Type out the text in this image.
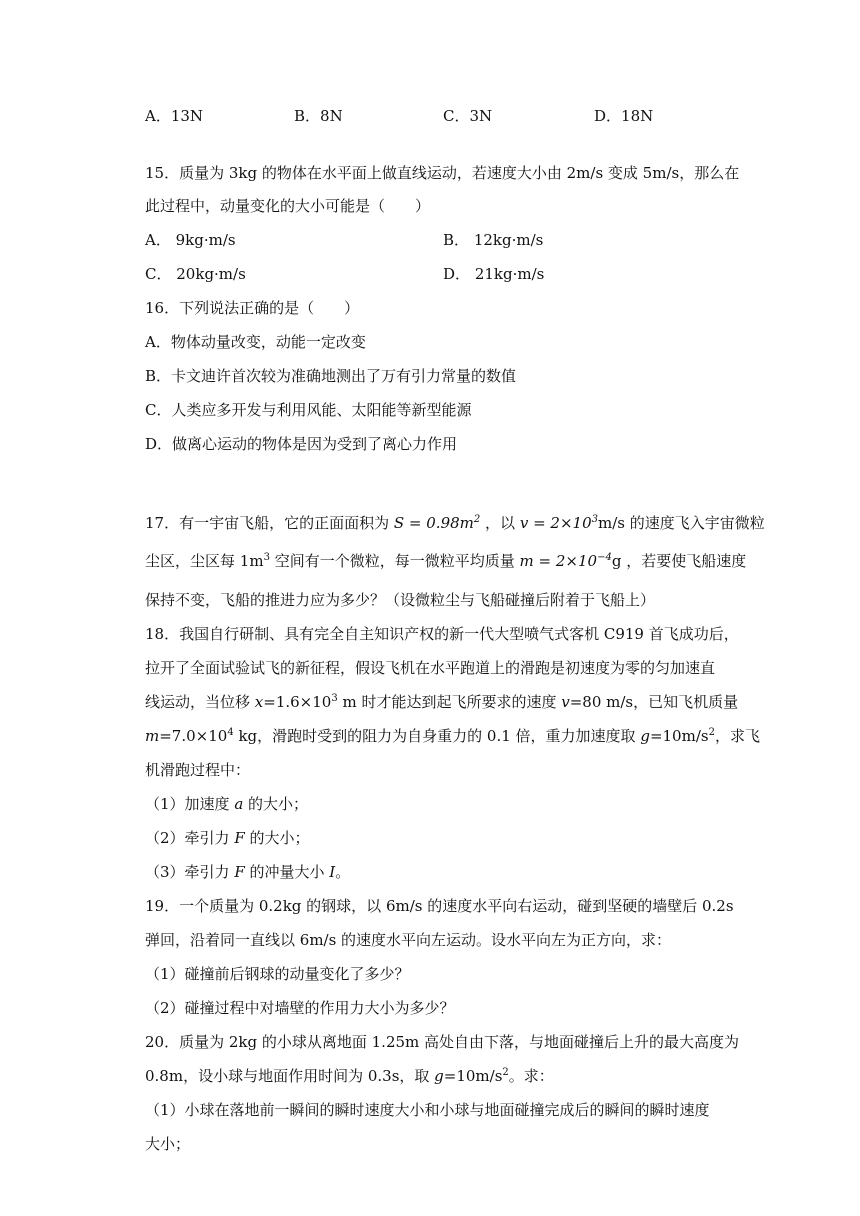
A．13N	B．8N	C．3N	D．18N
15．质量为 3kg 的物体在水平面上做直线运动，若速度大小由 2m/s 变成 5m/s，那么在
此过程中，动量变化的大小可能是（　　）
A． 9kg·m/s	B． 12kg·m/s
C． 20kg·m/s	D． 21kg·m/s
16．下列说法正确的是（　　）
A．物体动量改变，动能一定改变
B．卡文迪许首次较为准确地测出了万有引力常量的数值
C．人类应多开发与利用风能、太阳能等新型能源
D．做离心运动的物体是因为受到了离心力作用
17．有一宇宙飞船，它的正面面积为 $S = 0.98m^2$ ，以 $v = 2\times 10^3m/s$ 的速度飞入宇宙微粒
尘区，尘区每 $1m^3$ 空间有一个微粒，每一微粒平均质量 $m = 2\times 10^{-4}g$ ，若要使飞船速度
保持不变，飞船的推进力应为多少？（设微粒尘与飞船碰撞后附着于飞船上）
18．我国自行研制、具有完全自主知识产权的新一代大型喷气式客机 C919 首飞成功后，
拉开了全面试验试飞的新征程，假设飞机在水平跑道上的滑跑是初速度为零的匀加速直
线运动，当位移 $x=1.6\times 10^3$ m 时才能达到起飞所要求的速度 v=80 m/s，已知飞机质量
$m=7.0\times 10^4$ kg，滑跑时受到的阻力为自身重力的 0.1 倍，重力加速度取 $g=10m/s^2$，求飞
机滑跑过程中：
（1）加速度 a 的大小；
（2）牵引力 F 的大小；
（3）牵引力 F 的冲量大小 I。
19．一个质量为 0.2kg 的钢球，以 6m/s 的速度水平向右运动，碰到坚硬的墙壁后 0.2s
弹回，沿着同一直线以 6m/s 的速度水平向左运动。设水平向左为正方向，求：
（1）碰撞前后钢球的动量变化了多少？
（2）碰撞过程中对墙壁的作用力大小为多少？
20．质量为 2kg 的小球从离地面 1.25m 高处自由下落，与地面碰撞后上升的最大高度为
0.8m，设小球与地面作用时间为 0.3s，取 $g=10m/s^2$。求：
（1）小球在落地前一瞬间的瞬时速度大小和小球与地面碰撞完成后的瞬间的瞬时速度
大小；
